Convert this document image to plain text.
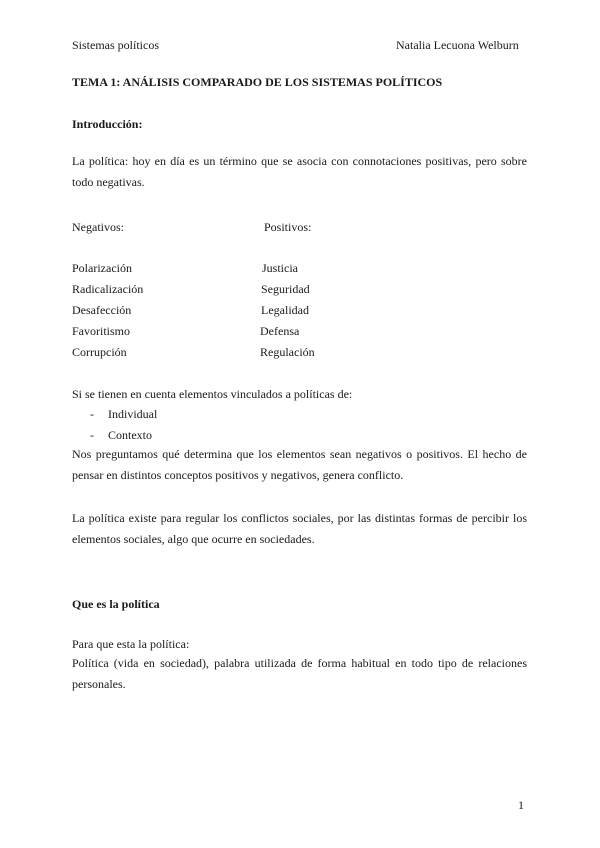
Sistemas políticos	Natalia Lecuona Welburn
TEMA 1: ANÁLISIS COMPARADO DE LOS SISTEMAS POLÍTICOS
Introducción:
La política: hoy en día es un término que se asocia con connotaciones positivas, pero sobre todo negativas.
Negativos:	Positivos:
Polarización
Radicalización
Desafección
Favoritismo
Corrupción
Justicia
Seguridad
Legalidad
Defensa
Regulación
Si se tienen en cuenta elementos vinculados a políticas de:
- Individual
- Contexto
Nos preguntamos qué determina que los elementos sean negativos o positivos. El hecho de pensar en distintos conceptos positivos y negativos, genera conflicto.
La política existe para regular los conflictos sociales, por las distintas formas de percibir los elementos sociales, algo que ocurre en sociedades.
Que es la política
Para que esta la política:
Política (vida en sociedad), palabra utilizada de forma habitual en todo tipo de relaciones personales.
1
